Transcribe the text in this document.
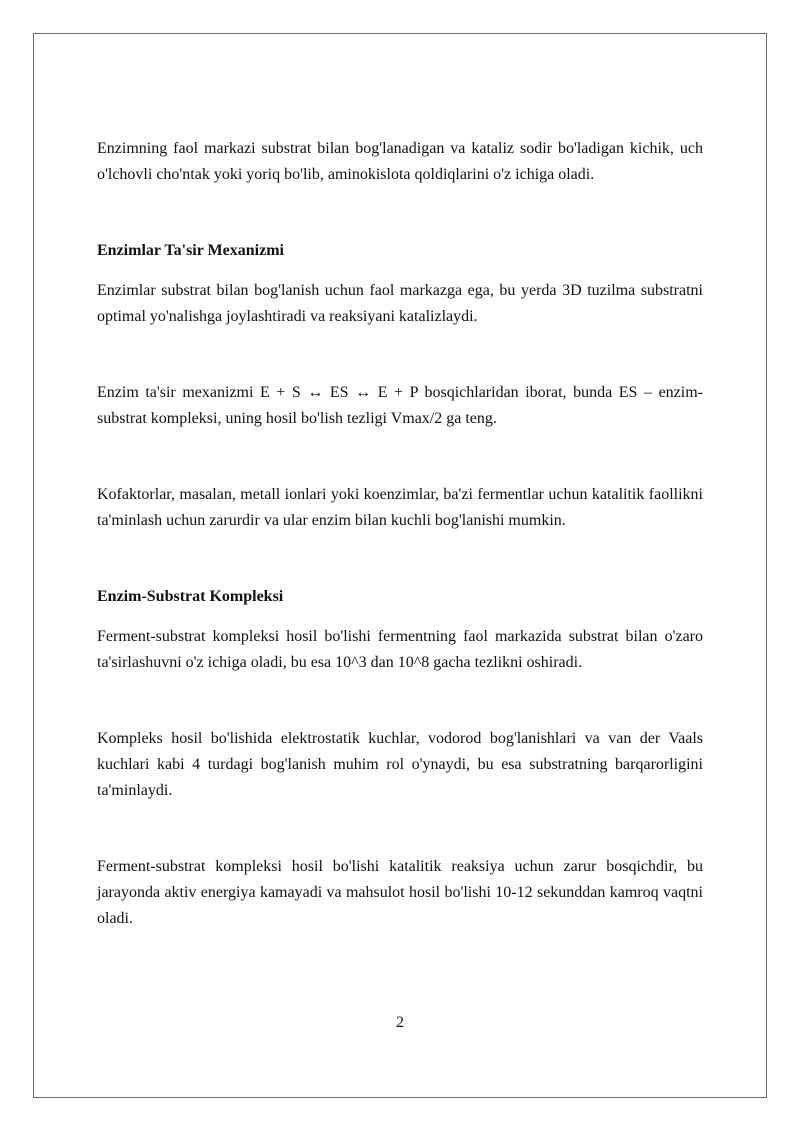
Enzimning faol markazi substrat bilan bog'lanadigan va kataliz sodir bo'ladigan kichik, uch o'lchovli cho'ntak yoki yoriq bo'lib, aminokislota qoldiqlarini o'z ichiga oladi.

Enzimlar Ta'sir Mexanizmi

Enzimlar substrat bilan bog'lanish uchun faol markazga ega, bu yerda 3D tuzilma substratni optimal yo'nalishga joylashtiradi va reaksiyani katalizlaydi.

Enzim ta'sir mexanizmi E + S ↔ ES ↔ E + P bosqichlaridan iborat, bunda ES – enzim-substrat kompleksi, uning hosil bo'lish tezligi Vmax/2 ga teng.

Kofaktorlar, masalan, metall ionlari yoki koenzimlar, ba'zi fermentlar uchun katalitik faollikni ta'minlash uchun zarurdir va ular enzim bilan kuchli bog'lanishi mumkin.

Enzim-Substrat Kompleksi

Ferment-substrat kompleksi hosil bo'lishi fermentning faol markazida substrat bilan o'zaro ta'sirlashuvni o'z ichiga oladi, bu esa 10^3 dan 10^8 gacha tezlikni oshiradi.

Kompleks hosil bo'lishida elektrostatik kuchlar, vodorod bog'lanishlari va van der Vaals kuchlari kabi 4 turdagi bog'lanish muhim rol o'ynaydi, bu esa substratning barqarorligini ta'minlaydi.

Ferment-substrat kompleksi hosil bo'lishi katalitik reaksiya uchun zarur bosqichdir, bu jarayonda aktiv energiya kamayadi va mahsulot hosil bo'lishi 10-12 sekunddan kamroq vaqtni oladi.

2
